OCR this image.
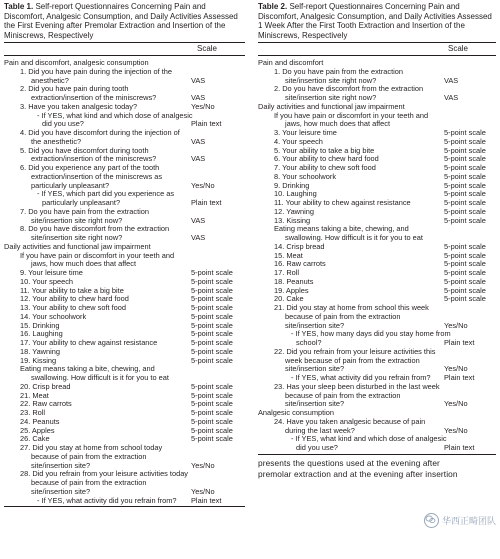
Table 1. Self-report Questionnaires Concerning Pain and Discomfort, Analgesic Consumption, and Daily Activities Assessed the First Evening after Premolar Extraction and Insertion of the Miniscrews, Respectively
Scale
Pain and discomfort, analgesic consumption
1. Did you have pain during the injection of the anesthetic?	VAS
2. Did you have pain during tooth extraction/insertion of the miniscrews?	VAS
3. Have you taken analgesic today?	Yes/No
- If YES, what kind and which dose of analgesic did you use?	Plain text
4. Did you have discomfort during the injection of the anesthetic?	VAS
5. Did you have discomfort during tooth extraction/insertion of the miniscrews?	VAS
6. Did you experience any part of the tooth extraction/insertion of the miniscrews as particularly unpleasant?	Yes/No
- If YES, which part did you experience as particularly unpleasant?	Plain text
7. Do you have pain from the extraction site/insertion site right now?	VAS
8. Do you have discomfort from the extraction site/insertion site right now?	VAS
Daily activities and functional jaw impairment
If you have pain or discomfort in your teeth and jaws, how much does that affect
9. Your leisure time	5-point scale
10. Your speech	5-point scale
11. Your ability to take a big bite	5-point scale
12. Your ability to chew hard food	5-point scale
13. Your ability to chew soft food	5-point scale
14. Your schoolwork	5-point scale
15. Drinking	5-point scale
16. Laughing	5-point scale
17. Your ability to chew against resistance	5-point scale
18. Yawning	5-point scale
19. Kissing	5-point scale
Eating means taking a bite, chewing, and swallowing. How difficult is it for you to eat
20. Crisp bread	5-point scale
21. Meat	5-point scale
22. Raw carrots	5-point scale
23. Roll	5-point scale
24. Peanuts	5-point scale
25. Apples	5-point scale
26. Cake	5-point scale
27. Did you stay at home from school today because of pain from the extraction site/insertion site?	Yes/No
28. Did you refrain from your leisure activities today because of pain from the extraction site/insertion site?	Yes/No
- If YES, what activity did you refrain from?	Plain text
Table 2. Self-report Questionnaires Concerning Pain and Discomfort, Analgesic Consumption, and Daily Activities Assessed 1 Week After the First Tooth Extraction and Insertion of the Miniscrews, Respectively
Scale
Pain and discomfort
1. Do you have pain from the extraction site/insertion site right now?	VAS
2. Do you have discomfort from the extraction site/insertion site right now?	VAS
Daily activities and functional jaw impairment
If you have pain or discomfort in your teeth and jaws, how much does that affect
3. Your leisure time	5-point scale
4. Your speech	5-point scale
5. Your ability to take a big bite	5-point scale
6. Your ability to chew hard food	5-point scale
7. Your ability to chew soft food	5-point scale
8. Your schoolwork	5-point scale
9. Drinking	5-point scale
10. Laughing	5-point scale
11. Your ability to chew against resistance	5-point scale
12. Yawning	5-point scale
13. Kissing	5-point scale
Eating means taking a bite, chewing, and swallowing. How difficult is it for you to eat
14. Crisp bread	5-point scale
15. Meat	5-point scale
16. Raw carrots	5-point scale
17. Roll	5-point scale
18. Peanuts	5-point scale
19. Apples	5-point scale
20. Cake	5-point scale
21. Did you stay at home from school this week because of pain from the extraction site/insertion site?	Yes/No
- If YES, how many days did you stay home from school?	Plain text
22. Did you refrain from your leisure activities this week because of pain from the extraction site/insertion site?	Yes/No
- If YES, what activity did you refrain from?	Plain text
23. Has your sleep been disturbed in the last week because of pain from the extraction site/insertion site?	Yes/No
Analgesic consumption
24. Have you taken analgesic because of pain during the last week?	Yes/No
- If YES, what kind and which dose of analgesic did you use?	Plain text
presents the questions used at the evening after
premolar extraction and at the evening after insertion
华西正畸团队
